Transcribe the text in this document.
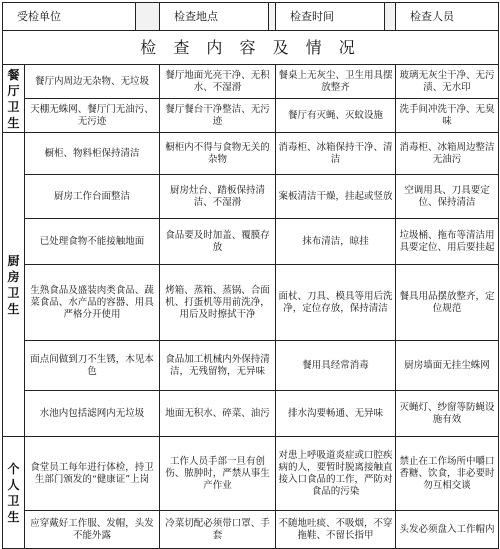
受检单位			检查地点		检查时间		检查人员
检 查 内 容 及 情 况							
餐
厅
卫
生	餐厅内周边无杂物、无垃圾		餐厅地面光亮干净、无积水、不湿滑		餐桌上无灰尘、卫生用具摆放整齐		玻璃无灰尘干净、无污渍、无水印
	天棚无蛛网、餐厅门无油污、无污迹		餐厅餐台干净整洁、无污迹		餐厅有灭蝇、灭蚊设施		洗手间冲洗干净、无臭味
厨
房
卫
生	橱柜、物料柜保持清洁		橱柜内不得与食物无关的杂物		消毒柜、冰箱保持干净、清洁		消毒柜、冰箱周边整洁无油污
	厨房工作台面整洁		厨房灶台、踏板保持清洁、不湿滑		案板清洁干燥，挂起或竖放		空调用具、刀具要定位、保持清洁
	已处理食物不能接触地面		食品要及时加盖、覆膜存放		抹布清洁，晾挂		垃圾桶、拖布等清洁用具要定位、用后要挂起
	生熟食品及盛装肉类食品、蔬菜食品、水产品的容器、用具严格分开使用		烤箱、蒸箱、蒸锅、合面机、打蛋机等用前洗净，用后及时擦拭干净		面杖、刀具、模具等用后洗净，定位存放，保持清洁		餐具用品摆放整齐，定位规范
	面点间做到刀不生锈，木见本色		食品加工机械内外保持清洁，无残留物，无异味		餐用具经常消毒		厨房墙面无挂尘蛛网
	水池内包括滤网内无垃圾		地面无积水、碎菜、油污		排水沟要畅通、无异味		灭蝇灯、纱窗等防蝇设施有效
个
人
卫
生	食堂员工每年进行体检，持卫生部门颁发的“健康证”上岗		工作人员手部一旦有创伤、脓肿时，严禁从事生产作业		对患上呼吸道炎症或口腔疾病的人，要暂时脱离接触直接入口食品的工作，严防对食品的污染		禁止在工作场所中嚼口香糖、饮食，非必要时勿互相交谈
	应穿戴好工作服、发帽，头发不能外露		冷菜切配必须带口罩、手套		不随地吐痰、不吸烟，不穿拖鞋、不留长指甲		头发必须盘入工作帽内
